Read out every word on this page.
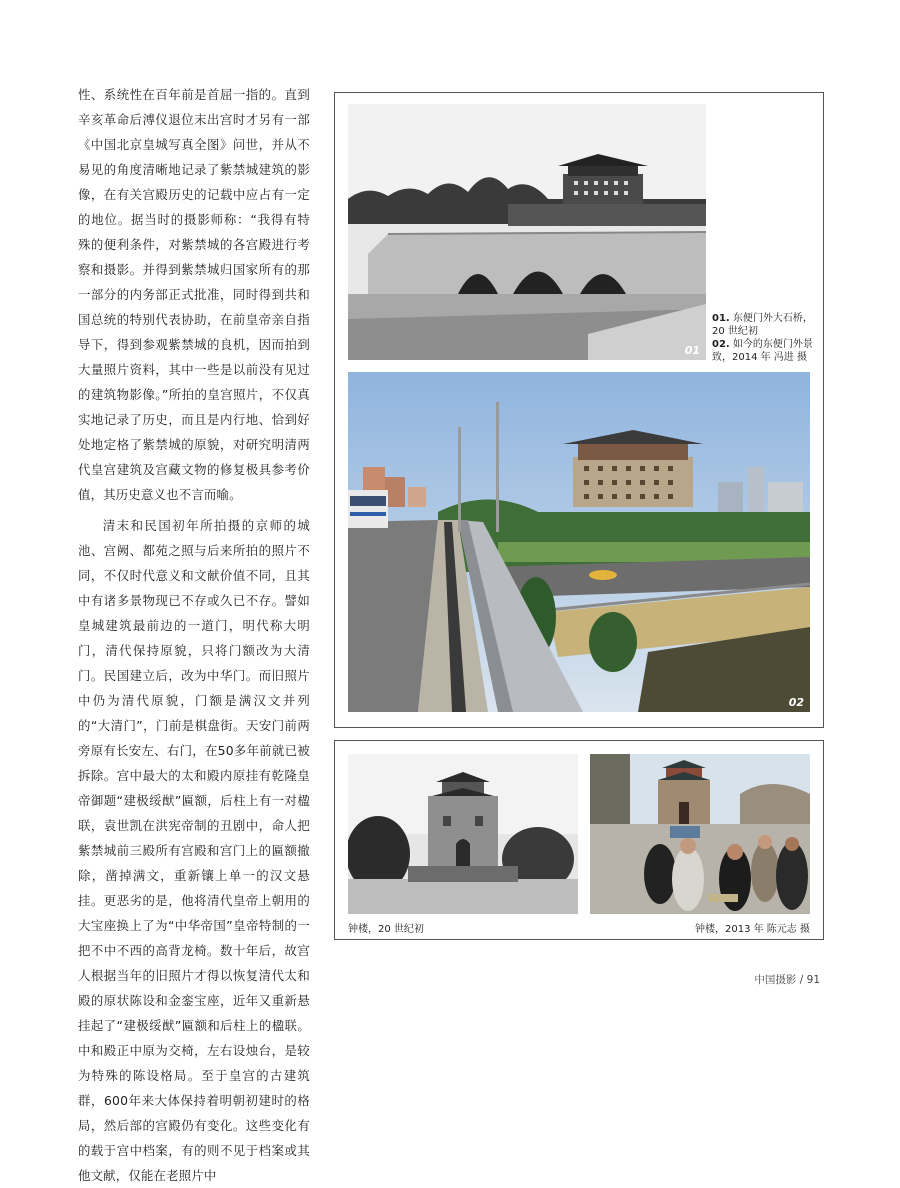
性、系统性在百年前是首屈一指的。直到辛亥革命后溥仪退位末出宫时才另有一部《中国北京皇城写真全图》问世，并从不易见的角度清晰地记录了紫禁城建筑的影像，在有关宫殿历史的记载中应占有一定的地位。据当时的摄影师称：“我得有特殊的便利条件，对紫禁城的各宫殿进行考察和摄影。并得到紫禁城归国家所有的那一部分的内务部正式批准，同时得到共和国总统的特别代表协助，在前皇帝亲自指导下，得到参观紫禁城的良机，因而拍到大量照片资料，其中一些是以前没有见过的建筑物影像。”所拍的皇宫照片，不仅真实地记录了历史，而且是内行地、恰到好处地定格了紫禁城的原貌，对研究明清两代皇宫建筑及宫藏文物的修复极具参考价值，其历史意义也不言而喻。

清末和民国初年所拍摄的京师的城池、宫阙、都苑之照与后来所拍的照片不同，不仅时代意义和文献价值不同，且其中有诸多景物现已不存或久已不存。譬如皇城建筑最前边的一道门，明代称大明门，清代保持原貌，只将门额改为大清门。民国建立后，改为中华门。而旧照片中仍为清代原貌，门额是满汉文并列的“大清门”，门前是棋盘街。天安门前两旁原有长安左、右门，在50多年前就已被拆除。宫中最大的太和殿内原挂有乾隆皇帝御题“建极绥猷”匾额，后柱上有一对楹联，袁世凯在洪宪帝制的丑剧中，命人把紫禁城前三殿所有宫殿和宫门上的匾额撤除，凿掉满文，重新镶上单一的汉文悬挂。更恶劣的是，他将清代皇帝上朝用的大宝座换上了为“中华帝国”皇帝特制的一把不中不西的高背龙椅。数十年后，故宫人根据当年的旧照片才得以恢复清代太和殿的原状陈设和金銮宝座，近年又重新悬挂起了“建极绥猷”匾额和后柱上的楹联。中和殿正中原为交椅，左右设烛台，是较为特殊的陈设格局。至于皇宫的古建筑群，600年来大体保持着明朝初建时的格局，然后部的宫殿仍有变化。这些变化有的载于宫中档案，有的则不见于档案或其他文献，仅能在老照片中

01
01. 东便门外大石桥，20 世纪初
02. 如今的东便门外景致，2014 年 冯进 摄
02
钟楼，20 世纪初	钟楼，2013 年 陈元志 摄
中国摄影 / 91
